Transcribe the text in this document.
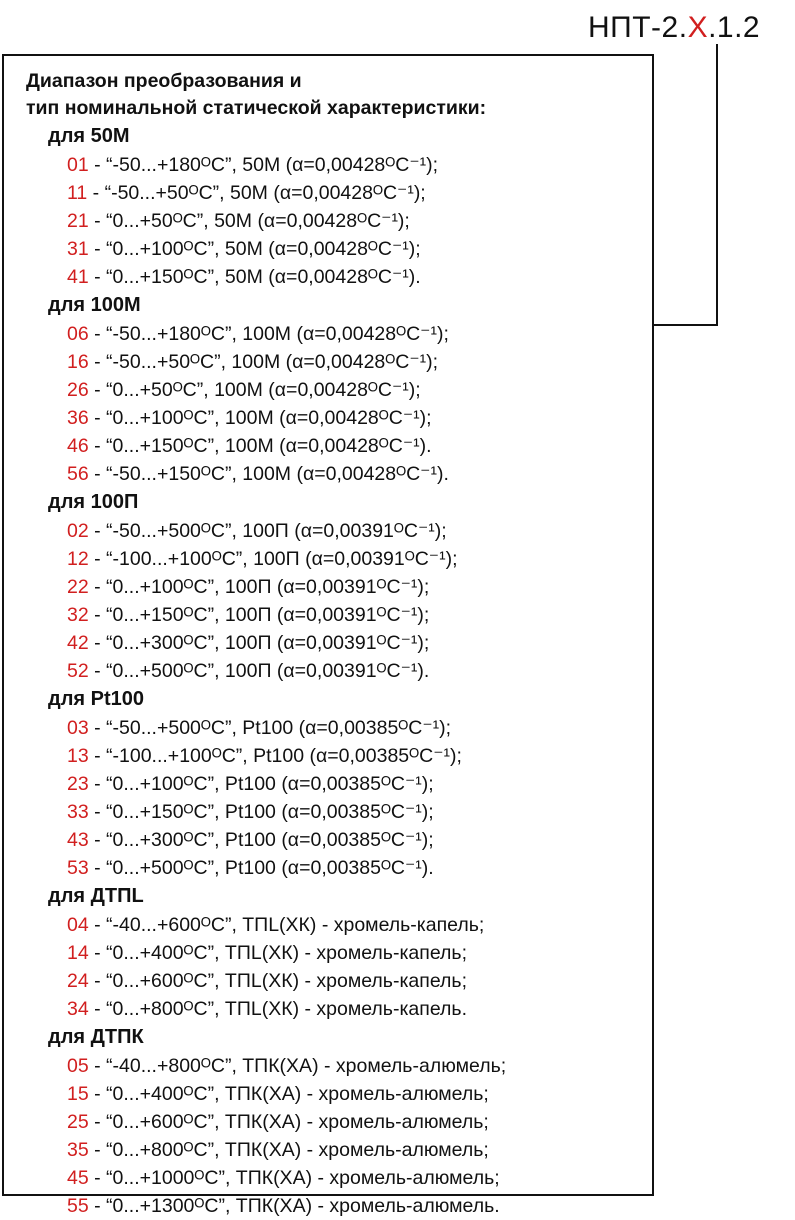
НПТ-2.X.1.2
Диапазон преобразования и
тип номинальной статической характеристики:
для 50М
01 - “-50...+180ᴼС”, 50М (α=0,00428ᴼС⁻¹);
11 - “-50...+50ᴼС”, 50М (α=0,00428ᴼС⁻¹);
21 - “0...+50ᴼС”, 50М (α=0,00428ᴼС⁻¹);
31 - “0...+100ᴼС”, 50М (α=0,00428ᴼС⁻¹);
41 - “0...+150ᴼС”, 50М (α=0,00428ᴼС⁻¹).
для 100М
06 - “-50...+180ᴼС”, 100М (α=0,00428ᴼС⁻¹);
16 - “-50...+50ᴼС”, 100М (α=0,00428ᴼС⁻¹);
26 - “0...+50ᴼС”, 100М (α=0,00428ᴼС⁻¹);
36 - “0...+100ᴼС”, 100М (α=0,00428ᴼС⁻¹);
46 - “0...+150ᴼС”, 100М (α=0,00428ᴼС⁻¹).
56 - “-50...+150ᴼС”, 100М (α=0,00428ᴼС⁻¹).
для 100П
02 - “-50...+500ᴼС”, 100П (α=0,00391ᴼС⁻¹);
12 - “-100...+100ᴼС”, 100П (α=0,00391ᴼС⁻¹);
22 - “0...+100ᴼС”, 100П (α=0,00391ᴼС⁻¹);
32 - “0...+150ᴼС”, 100П (α=0,00391ᴼС⁻¹);
42 - “0...+300ᴼС”, 100П (α=0,00391ᴼС⁻¹);
52 - “0...+500ᴼС”, 100П (α=0,00391ᴼС⁻¹).
для Pt100
03 - “-50...+500ᴼС”, Pt100 (α=0,00385ᴼС⁻¹);
13 - “-100...+100ᴼС”, Pt100 (α=0,00385ᴼС⁻¹);
23 - “0...+100ᴼС”, Pt100 (α=0,00385ᴼС⁻¹);
33 - “0...+150ᴼС”, Pt100 (α=0,00385ᴼС⁻¹);
43 - “0...+300ᴼС”, Pt100 (α=0,00385ᴼС⁻¹);
53 - “0...+500ᴼС”, Pt100 (α=0,00385ᴼС⁻¹).
для ДТПL
04 - “-40...+600ᴼС”, ТПL(ХК) - хромель-капель;
14 - “0...+400ᴼС”, ТПL(ХК) - хромель-капель;
24 - “0...+600ᴼС”, ТПL(ХК) - хромель-капель;
34 - “0...+800ᴼС”, ТПL(ХК) - хромель-капель.
для ДТПК
05 - “-40...+800ᴼС”, ТПК(ХА) - хромель-алюмель;
15 - “0...+400ᴼС”, ТПК(ХА) - хромель-алюмель;
25 - “0...+600ᴼС”, ТПК(ХА) - хромель-алюмель;
35 - “0...+800ᴼС”, ТПК(ХА) - хромель-алюмель;
45 - “0...+1000ᴼС”, ТПК(ХА) - хромель-алюмель;
55 - “0...+1300ᴼС”, ТПК(ХА) - хромель-алюмель.
